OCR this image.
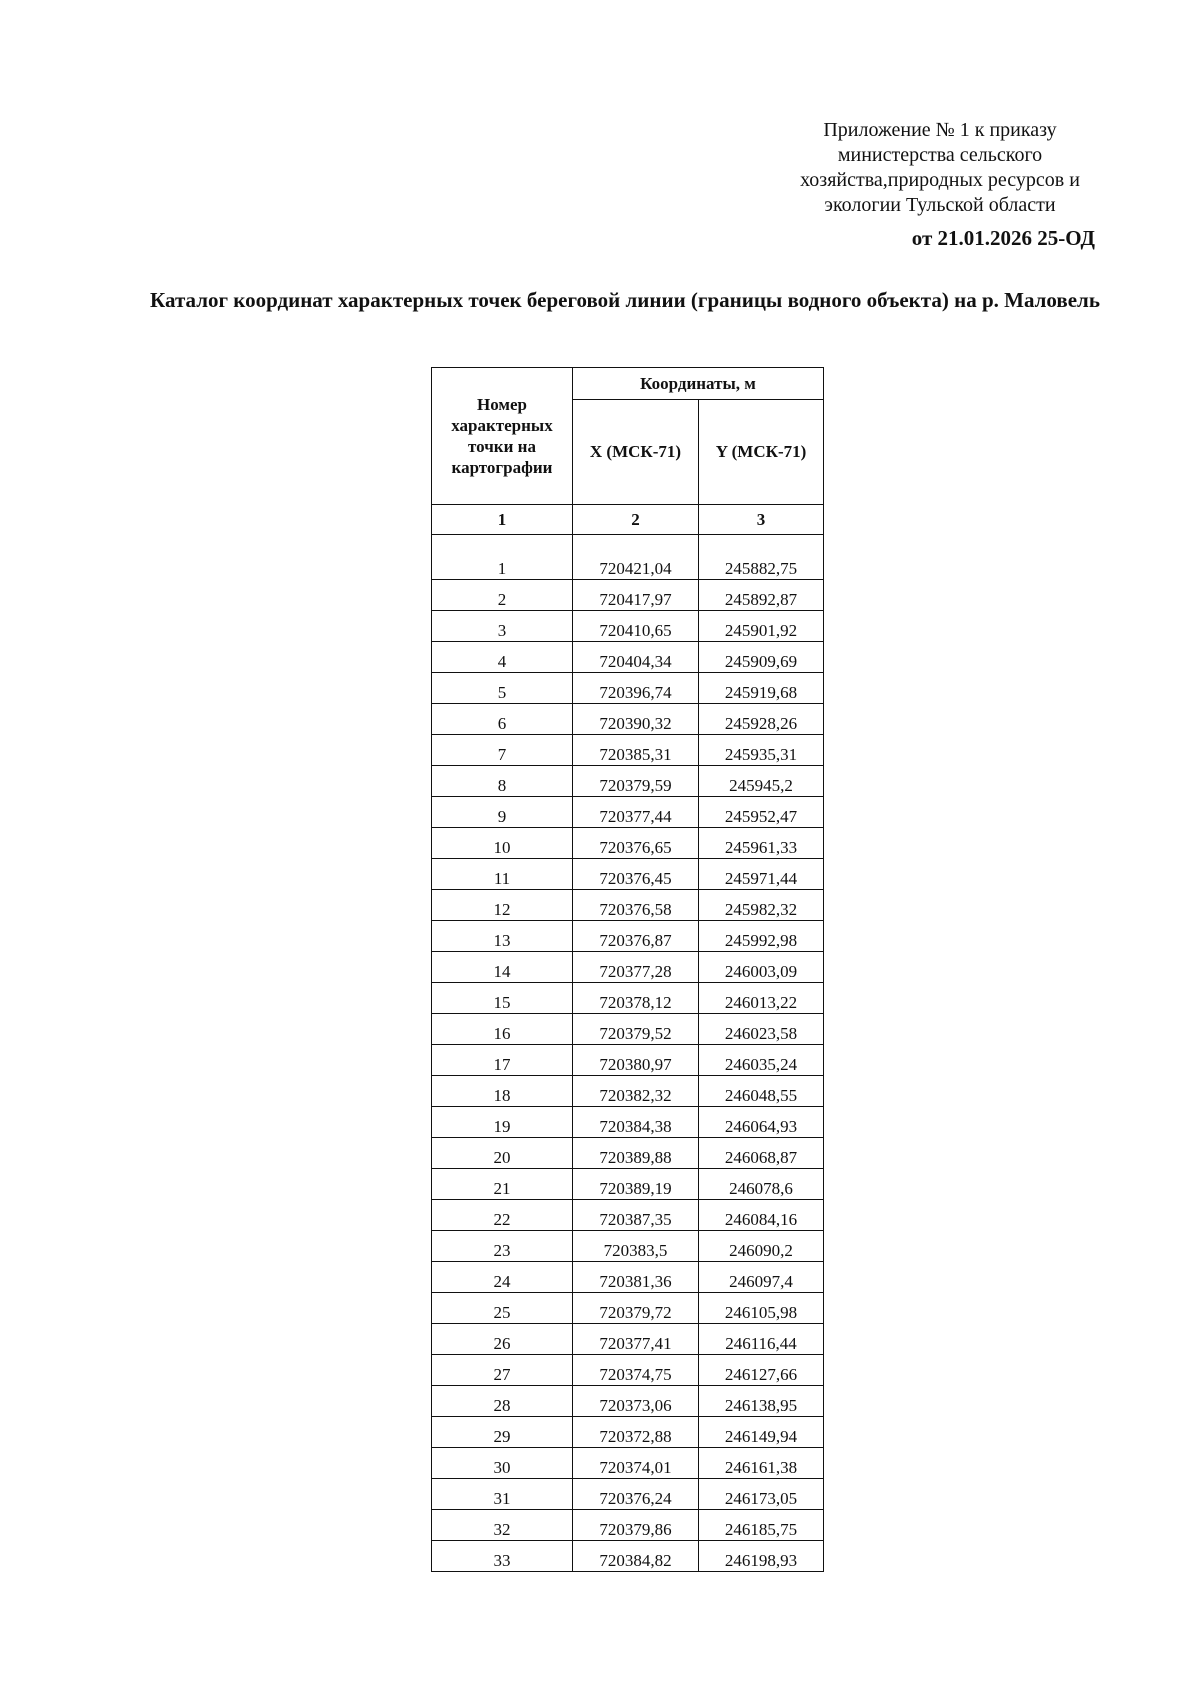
Приложение № 1 к приказу
министерства сельского
хозяйства,природных ресурсов и
экологии Тульской области
от 21.01.2026 25-ОД
Каталог координат характерных точек береговой линии (границы водного объекта) на р. Маловель
Номер характерных точки на картографии	Координаты, м	
	X (МСК-71)	Y (МСК-71)
1	2	3
1	720421,04	245882,75
2	720417,97	245892,87
3	720410,65	245901,92
4	720404,34	245909,69
5	720396,74	245919,68
6	720390,32	245928,26
7	720385,31	245935,31
8	720379,59	245945,2
9	720377,44	245952,47
10	720376,65	245961,33
11	720376,45	245971,44
12	720376,58	245982,32
13	720376,87	245992,98
14	720377,28	246003,09
15	720378,12	246013,22
16	720379,52	246023,58
17	720380,97	246035,24
18	720382,32	246048,55
19	720384,38	246064,93
20	720389,88	246068,87
21	720389,19	246078,6
22	720387,35	246084,16
23	720383,5	246090,2
24	720381,36	246097,4
25	720379,72	246105,98
26	720377,41	246116,44
27	720374,75	246127,66
28	720373,06	246138,95
29	720372,88	246149,94
30	720374,01	246161,38
31	720376,24	246173,05
32	720379,86	246185,75
33	720384,82	246198,93
